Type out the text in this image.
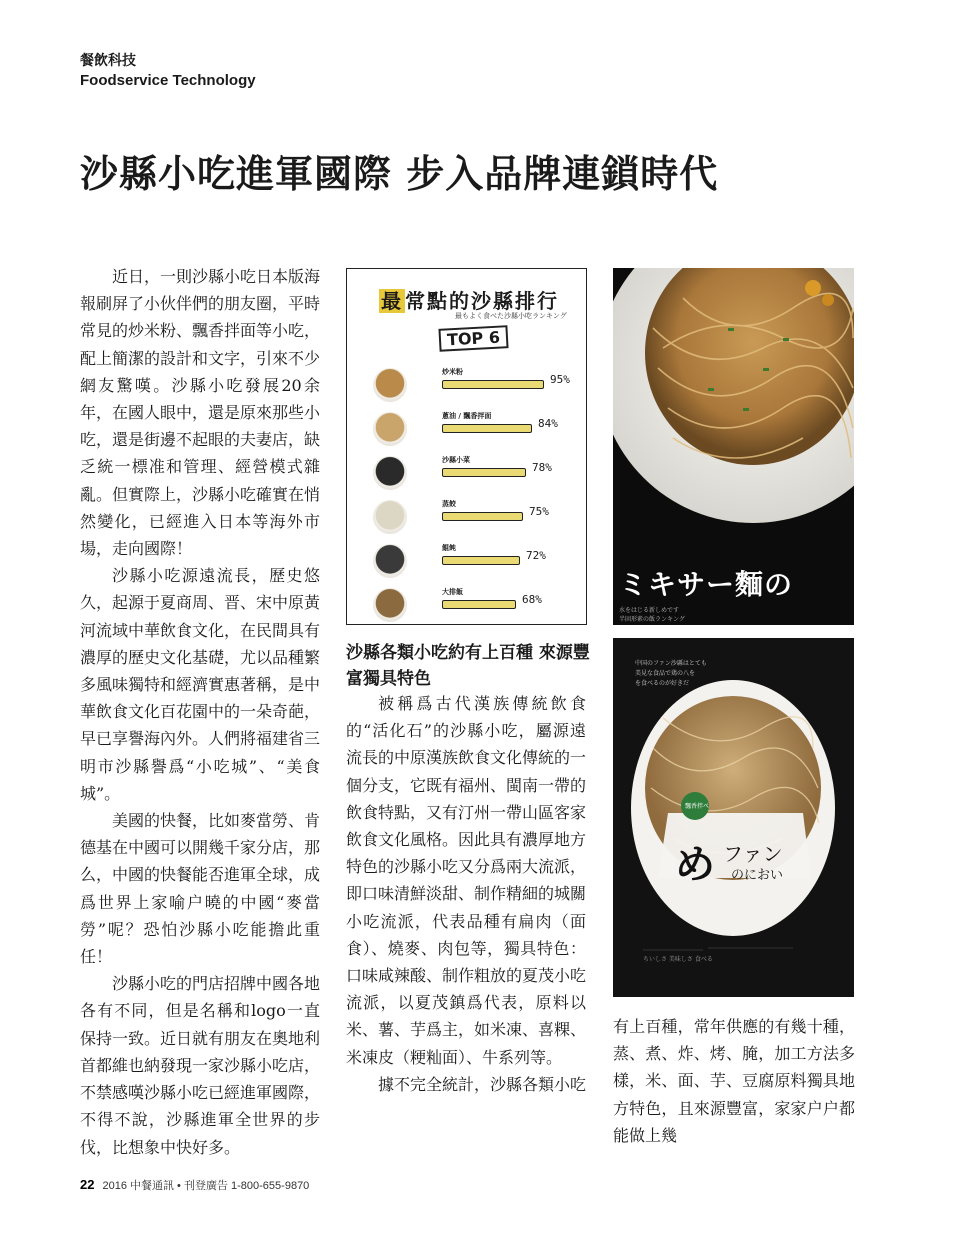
餐飲科技
Foodservice Technology
沙縣小吃進軍國際 步入品牌連鎖時代

近日，一則沙縣小吃日本版海報刷屏了小伙伴們的朋友圈，平時常見的炒米粉、飄香拌面等小吃，配上簡潔的設計和文字，引來不少網友驚嘆。沙縣小吃發展20余年，在國人眼中，還是原來那些小吃，還是街邊不起眼的夫妻店，缺乏統一標准和管理、經營模式雜亂。但實際上，沙縣小吃確實在悄然變化，已經進入日本等海外市場，走向國際！

沙縣小吃源遠流長，歷史悠久，起源于夏商周、晋、宋中原黃河流域中華飲食文化，在民間具有濃厚的歷史文化基礎，尤以品種繁多風味獨特和經濟實惠著稱，是中華飲食文化百花園中的一朵奇葩，早已享譽海內外。人們將福建省三明市沙縣譽爲“小吃城”、“美食城”。

美國的快餐，比如麥當勞、肯德基在中國可以開幾千家分店，那么，中國的快餐能否進軍全球，成爲世界上家喻户曉的中國“麥當勞”呢？恐怕沙縣小吃能擔此重任！

沙縣小吃的門店招牌中國各地各有不同，但是名稱和logo一直保持一致。近日就有朋友在奧地利首都維也納發現一家沙縣小吃店，不禁感嘆沙縣小吃已經進軍國際，不得不說，沙縣進軍全世界的步伐，比想象中快好多。

最 常點的沙縣排行
最もよく食べた沙縣小吃ランキング
TOP 6
炒米粉
95%
蔥油 / 飄香拌面
84%
沙縣小菜
78%
蒸餃
75%
餛飩
72%
大排飯
68%	ミキサー麵の
水をはじる新しめです
半固形素の飯ランキング
中国のファン沙縣はとても
美見な食品で鶏の八を
を食べるのが好きだ
飄香拌ぺ
め ファン
のにおい
ちいしさ 美味しさ 食べる
沙縣各類小吃約有上百種 來源豐富獨具特色

被稱爲古代漢族傳統飲食的“活化石”的沙縣小吃，屬源遠流長的中原漢族飲食文化傳統的一個分支，它既有福州、閩南一帶的飲食特點，又有汀州一帶山區客家飲食文化風格。因此具有濃厚地方特色的沙縣小吃又分爲兩大流派，即口味清鮮淡甜、制作精細的城關小吃流派，代表品種有扁肉（面食）、燒麥、肉包等，獨具特色：口味咸辣酸、制作粗放的夏茂小吃流派，以夏茂鎮爲代表，原料以米、薯、芋爲主，如米凍、喜粿、米凍皮（粳籼面）、牛系列等。

據不完全統計，沙縣各類小吃

有上百種，常年供應的有幾十種，蒸、煮、炸、烤、腌，加工方法多樣，米、面、芋、豆腐原料獨具地方特色，且來源豐富，家家户户都能做上幾

22 2016 中餐通訊 • 刊登廣告 1-800-655-9870
